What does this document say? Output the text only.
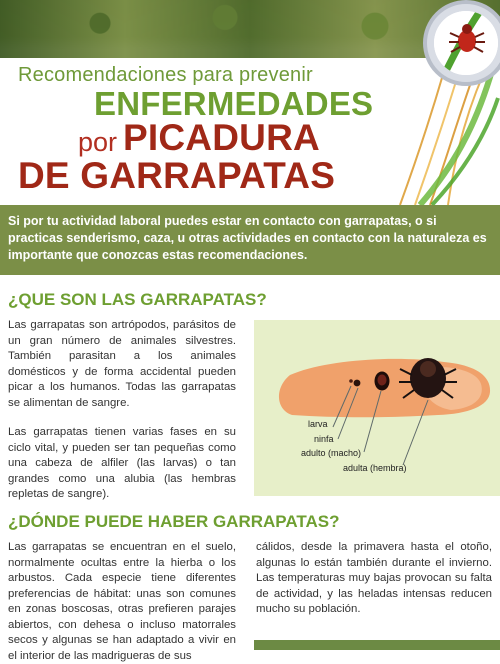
Recomendaciones para prevenir
ENFERMEDADES
por PICADURA
DE GARRAPATAS

Si por tu actividad laboral puedes estar en contacto con garrapatas, o si practicas senderismo, caza, u otras actividades en contacto con la naturaleza es importante que conozcas estas recomendaciones.

¿QUE SON LAS GARRAPATAS?

Las garrapatas son artrópodos, parásitos de un gran número de animales silvestres. También parasitan a los animales domésticos y de forma accidental pueden picar a los humanos. Todas las garrapatas se alimentan de sangre.

Las garrapatas tienen varias fases en su ciclo vital, y pueden ser tan pequeñas como una cabeza de alfiler (las larvas) o tan grandes como una alubia (las hembras repletas de sangre).

larva
ninfa
adulto (macho)
adulta (hembra)
¿DÓNDE PUEDE HABER GARRAPATAS?
Las garrapatas se encuentran en el suelo, normalmente ocultas entre la hierba o los arbustos. Cada especie tiene diferentes preferencias de hábitat: unas son comunes en zonas boscosas, otras prefieren parajes abiertos, con dehesa o incluso matorrales secos y algunas se han adaptado a vivir en el interior de las madrigueras de sus
cálidos, desde la primavera hasta el otoño, algunas lo están también durante el invierno. Las temperaturas muy bajas provocan su falta de actividad, y las heladas intensas reducen mucho su población.
